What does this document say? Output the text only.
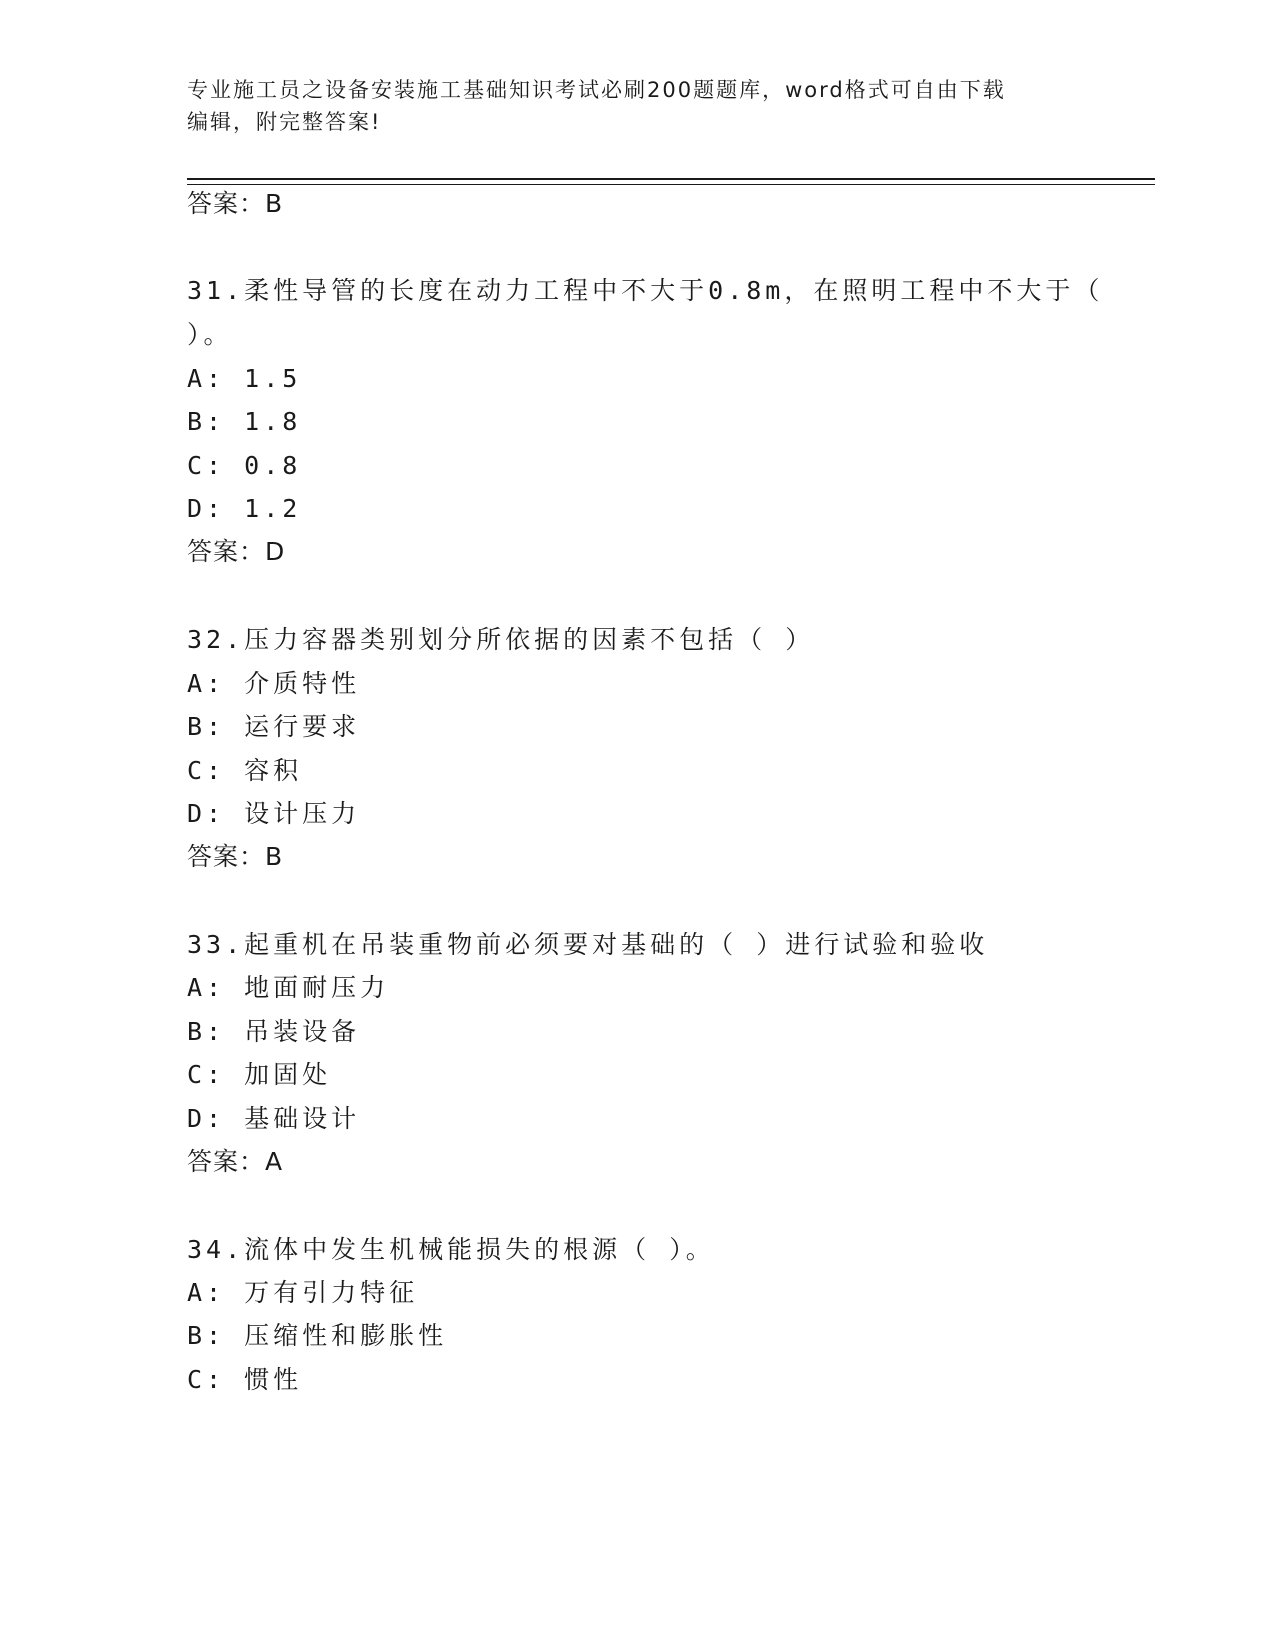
专业施工员之设备安装施工基础知识考试必刷200题题库，word格式可自由下载
编辑，附完整答案!
答案：B
31.柔性导管的长度在动力工程中不大于0.8m，在照明工程中不大于（
）。
A: 1.5
B: 1.8
C: 0.8
D: 1.2
答案：D
32.压力容器类别划分所依据的因素不包括（ ）
A: 介质特性
B: 运行要求
C: 容积
D: 设计压力
答案：B
33.起重机在吊装重物前必须要对基础的（ ）进行试验和验收
A: 地面耐压力
B: 吊装设备
C: 加固处
D: 基础设计
答案：A
34.流体中发生机械能损失的根源（ ）。
A: 万有引力特征
B: 压缩性和膨胀性
C: 惯性
